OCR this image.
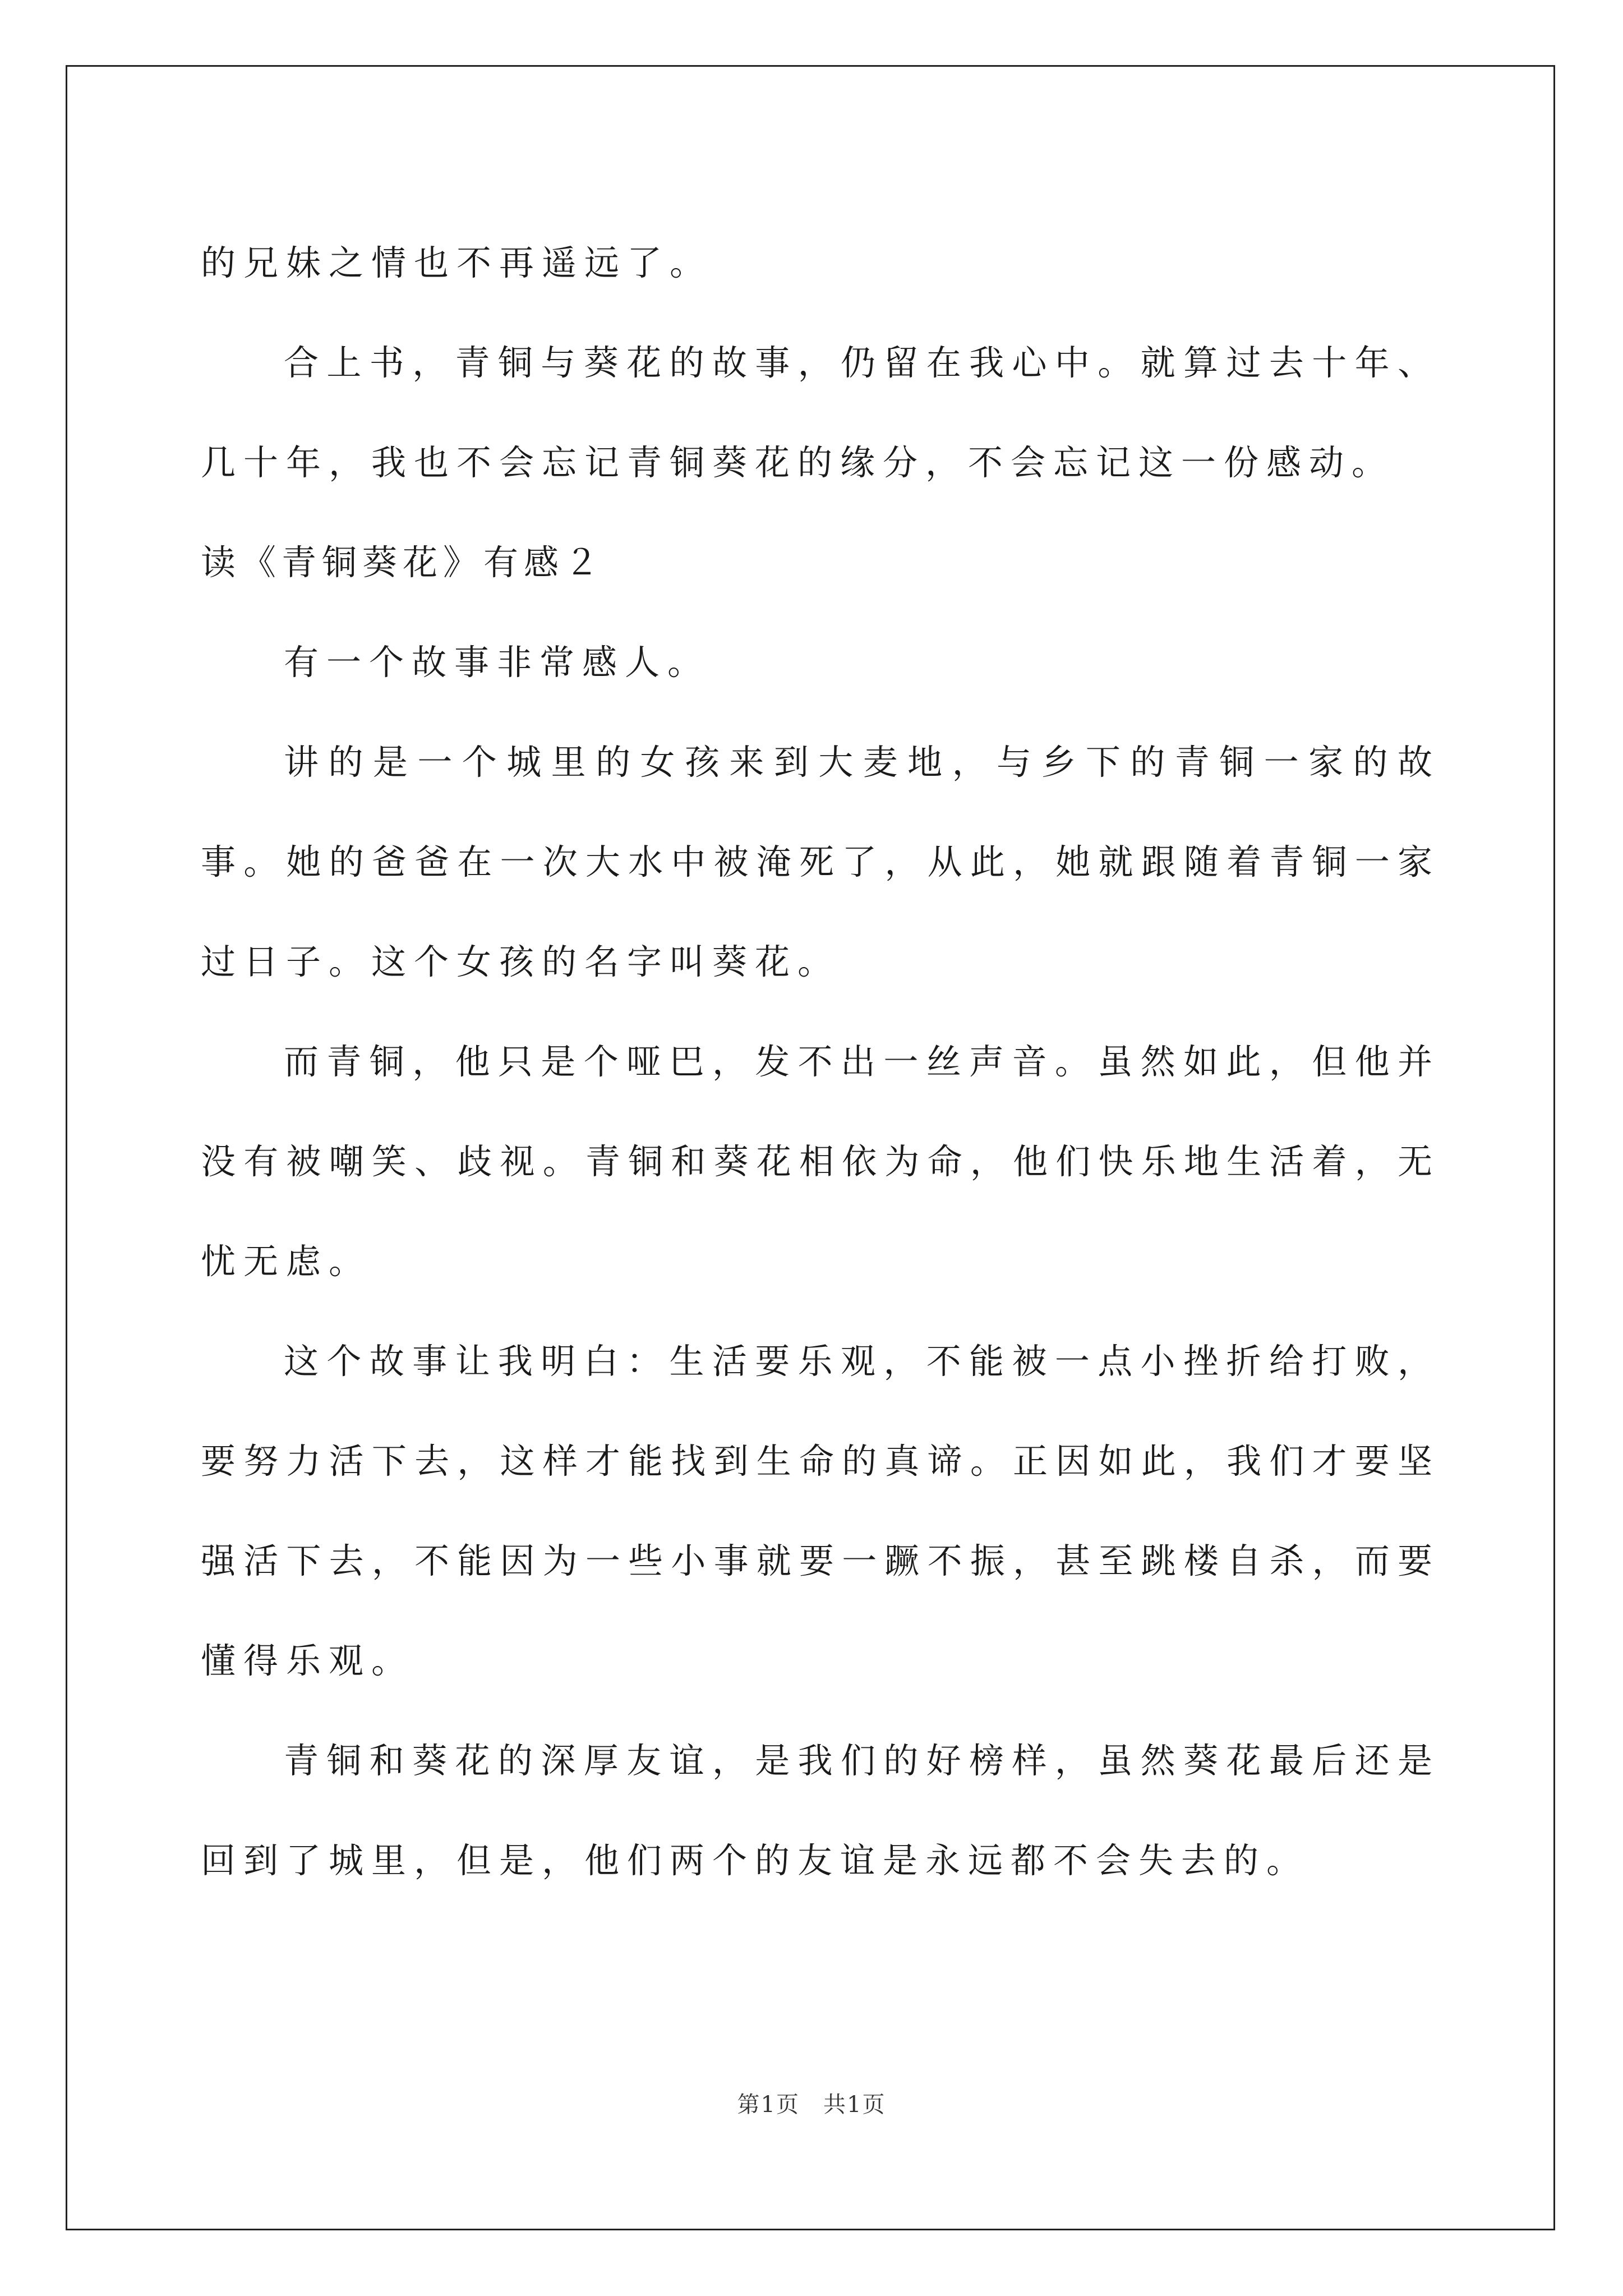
的兄妹之情也不再遥远了。

合上书，青铜与葵花的故事，仍留在我心中。就算过去十年、几十年，我也不会忘记青铜葵花的缘分，不会忘记这一份感动。

读《青铜葵花》有感２

有一个故事非常感人。

讲的是一个城里的女孩来到大麦地，与乡下的青铜一家的故事。她的爸爸在一次大水中被淹死了，从此，她就跟随着青铜一家过日子。这个女孩的名字叫葵花。

而青铜，他只是个哑巴，发不出一丝声音。虽然如此，但他并没有被嘲笑、歧视。青铜和葵花相依为命，他们快乐地生活着，无忧无虑。

这个故事让我明白：生活要乐观，不能被一点小挫折给打败，要努力活下去，这样才能找到生命的真谛。正因如此，我们才要坚强活下去，不能因为一些小事就要一蹶不振，甚至跳楼自杀，而要懂得乐观。

青铜和葵花的深厚友谊，是我们的好榜样，虽然葵花最后还是回到了城里，但是，他们两个的友谊是永远都不会失去的。

第1页　共1页
